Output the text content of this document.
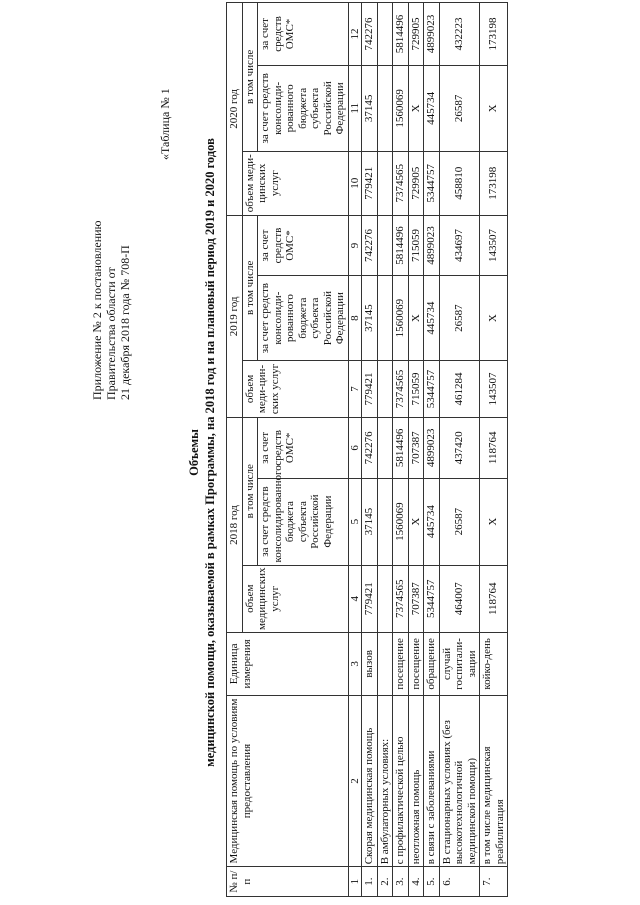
Приложение № 2 к постановлению Правительства области от 21 декабря 2018 года № 708-П
«Таблица № 1
Объемы медицинской помощи, оказываемой в рамках Программы, на 2018 год и на плановый период 2019 и 2020 годов
№ п/п	Медицинская помощь по условиям предоставления	Единица измерения	2018 год			2019 год			2020 год		
			объем медицинских услуг	в том числе		объем меди-цин-ских услуг	в том числе		объем меди-цинских услуг	в том числе	
				за счет средств консолидированного бюджета субъекта Российской Федерации	за счет средств ОМС*		за счет средств консолиди-рованного бюджета субъекта Российской Федерации	за счет средств ОМС*		за счет средств консолиди-рованного бюджета субъекта Российской Федерации	за счет средств ОМС*
1	2	3	4	5	6	7	8	9	10	11	12
1.	Скорая медицинская помощь	вызов	779421	37145	742276	779421	37145	742276	779421	37145	742276
2.	В амбулаторных условиях:										
3.	с профилактической целью	посещение	7374565	1560069	5814496	7374565	1560069	5814496	7374565	1560069	5814496
4.	неотложная помощь	посещение	707387	X	707387	715059	X	715059	729905	X	729905
5.	в связи с заболеваниями	обращение	5344757	445734	4899023	5344757	445734	4899023	5344757	445734	4899023
6.	В стационарных условиях (без высокотехнологичной медицинской помощи)	случай госпитали-зации	464007	26587	437420	461284	26587	434697	458810	26587	432223
7.	в том числе медицинская реабилитация	койко-день	118764	X	118764	143507	X	143507	173198	X	173198
